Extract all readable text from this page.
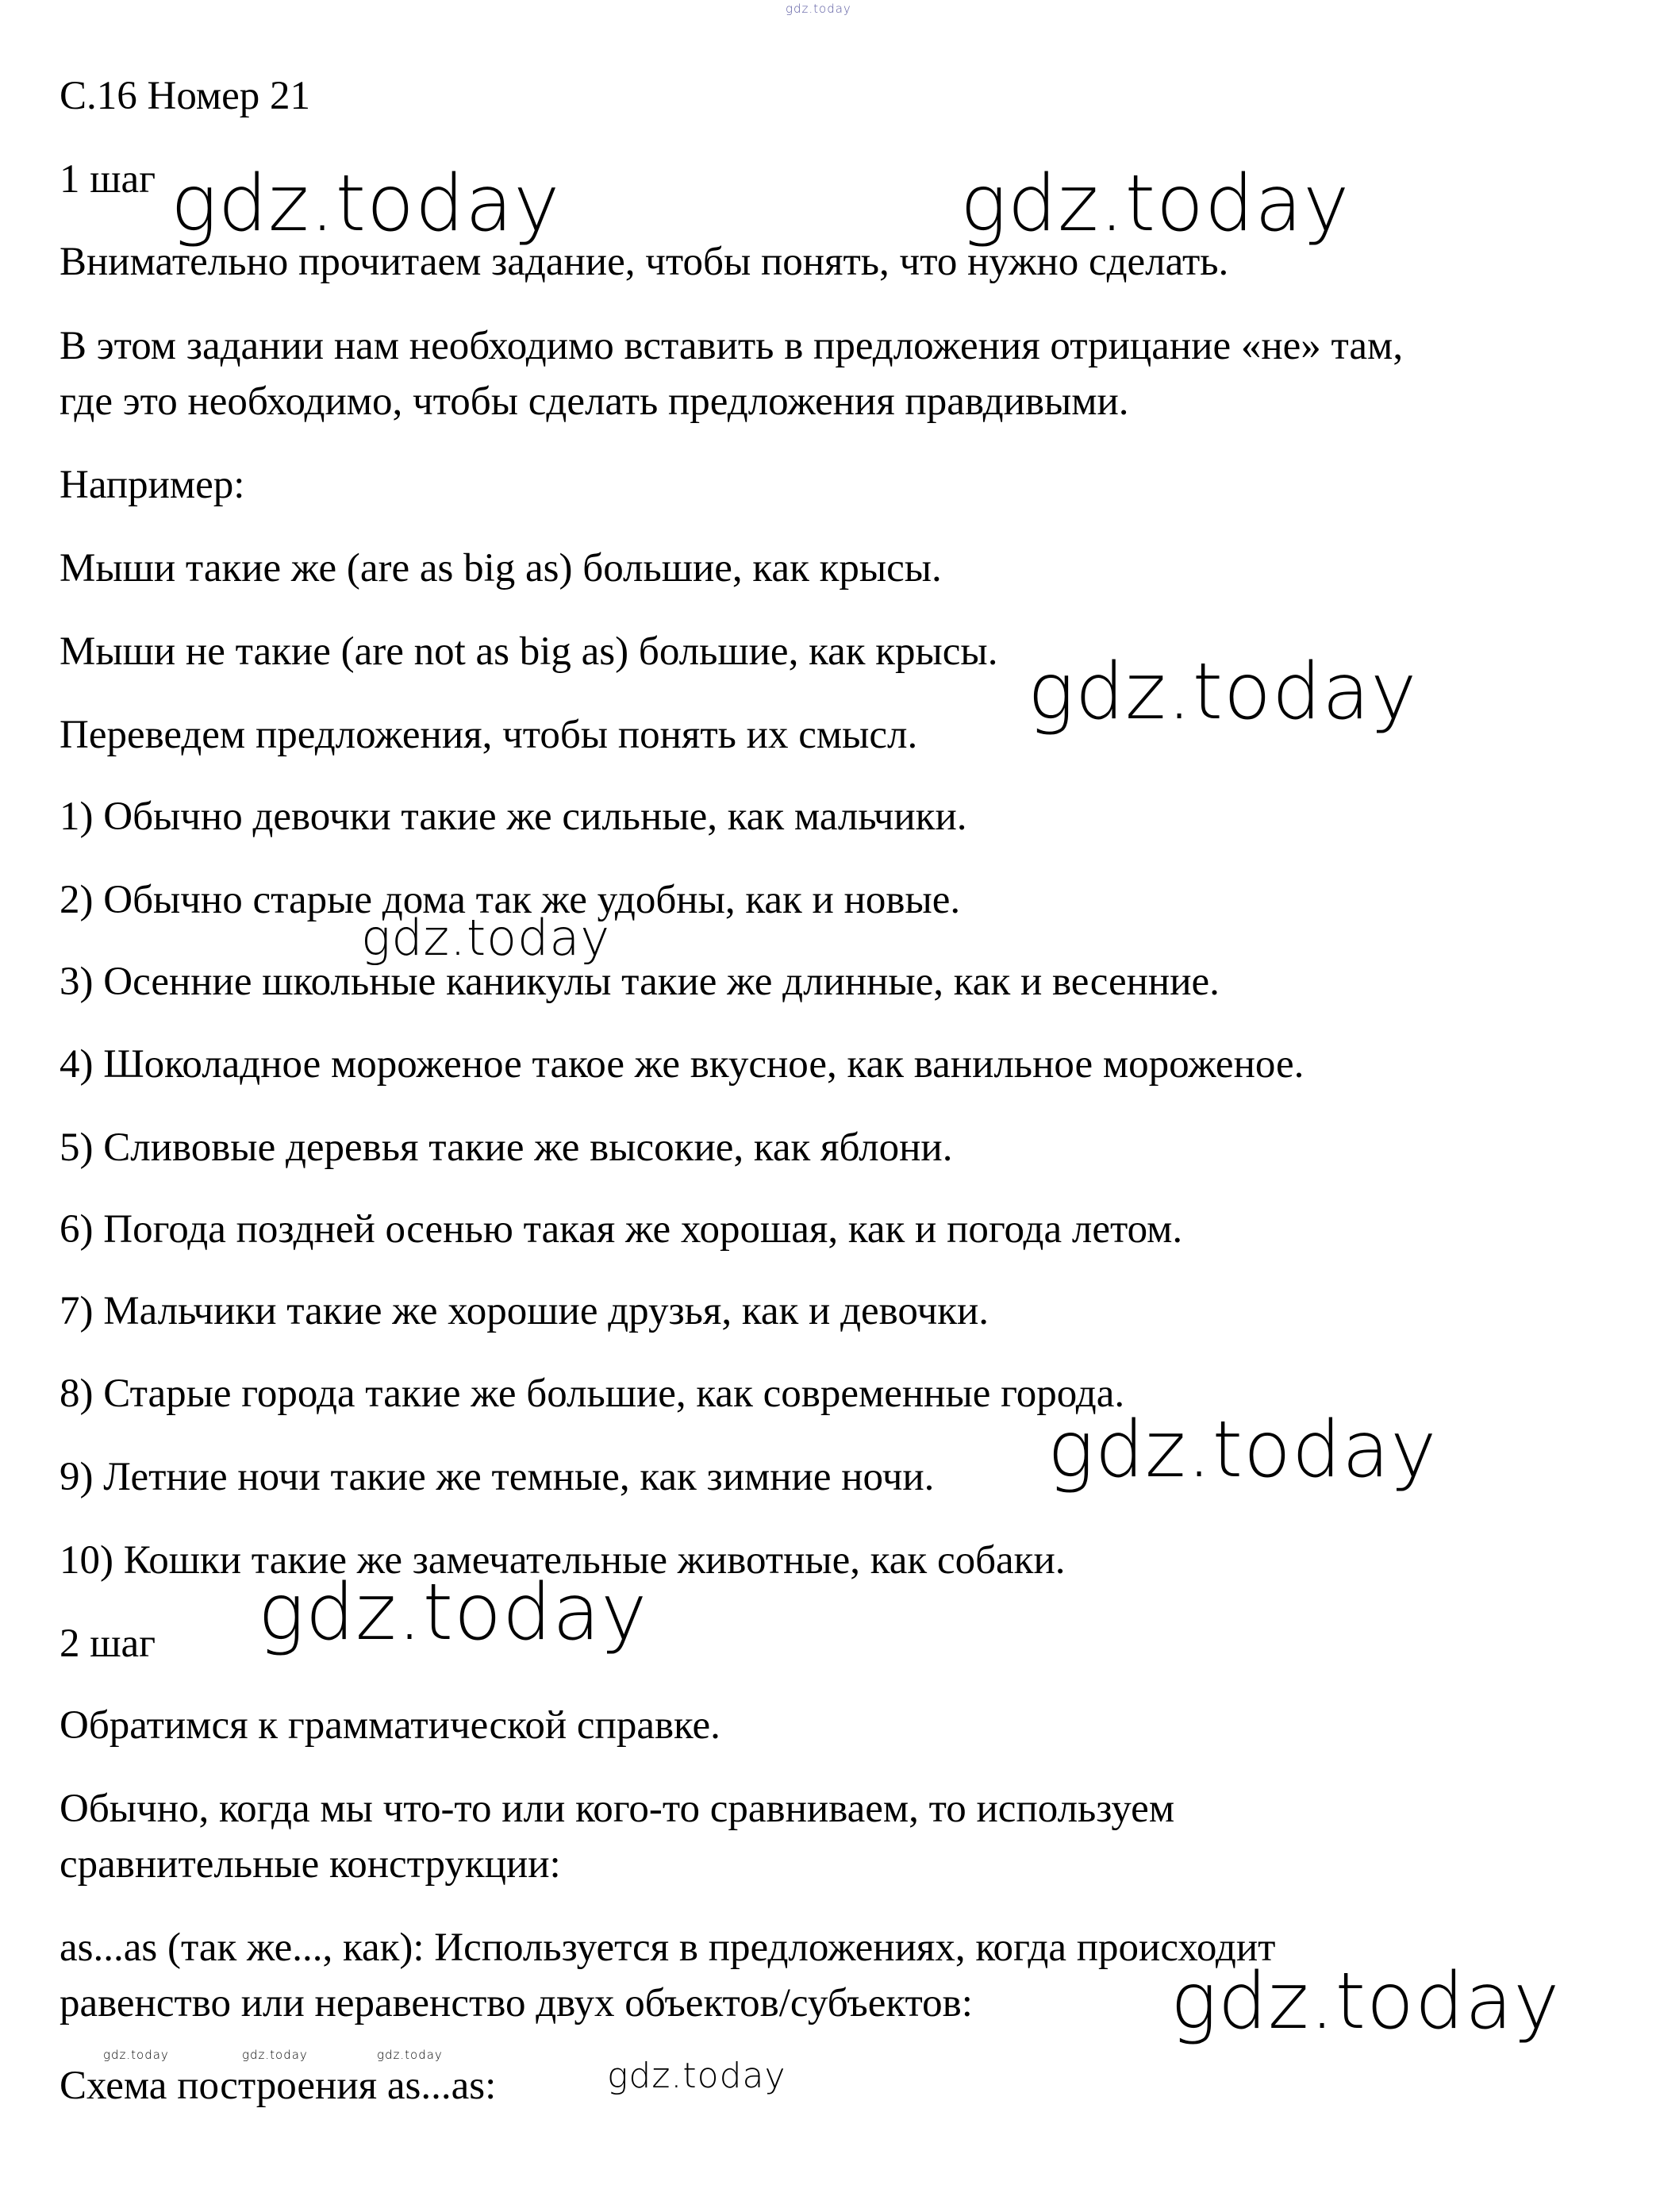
gdz.today
gdz.today	gdz.today
gdz.today
gdz.today
gdz.today
gdz.today
gdz.today
gdz.today
gdz.today	gdz.today	gdz.today
С.16 Номер 21
1 шаг
Внимательно прочитаем задание, чтобы понять, что нужно сделать.
В этом задании нам необходимо вставить в предложения отрицание «не» там,
где это необходимо, чтобы сделать предложения правдивыми.
Например:
Мыши такие же (are as big as) большие, как крысы.
Мыши не такие (are not as big as) большие, как крысы.
Переведем предложения, чтобы понять их смысл.
1) Обычно девочки такие же сильные, как мальчики.
2) Обычно старые дома так же удобны, как и новые.
3) Осенние школьные каникулы такие же длинные, как и весенние.
4) Шоколадное мороженое такое же вкусное, как ванильное мороженое.
5) Сливовые деревья такие же высокие, как яблони.
6) Погода поздней осенью такая же хорошая, как и погода летом.
7) Мальчики такие же хорошие друзья, как и девочки.
8) Старые города такие же большие, как современные города.
9) Летние ночи такие же темные, как зимние ночи.
10) Кошки такие же замечательные животные, как собаки.
2 шаг
Обратимся к грамматической справке.
Обычно, когда мы что-то или кого-то сравниваем, то используем
сравнительные конструкции:
as...as (так же..., как): Используется в предложениях, когда происходит
равенство или неравенство двух объектов/субъектов:
Схема построения as...as:
